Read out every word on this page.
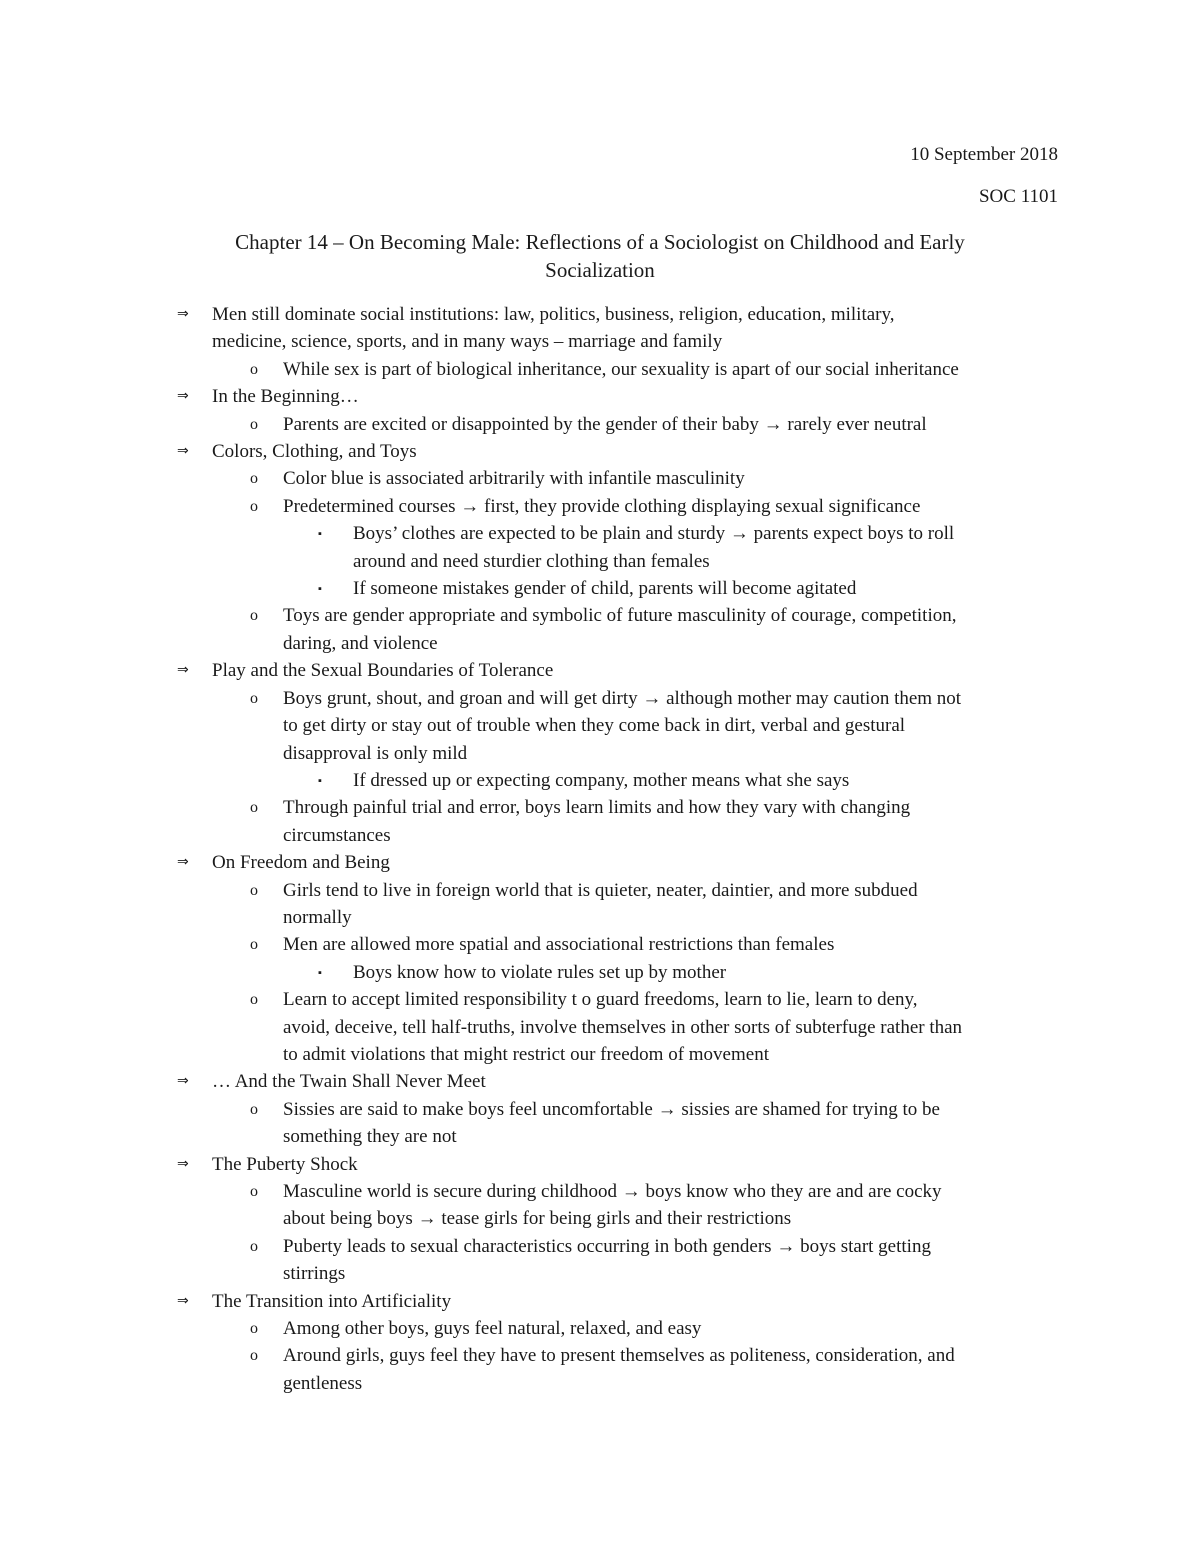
10 September 2018
SOC 1101
Chapter 14 – On Becoming Male: Reflections of a Sociologist on Childhood and Early
Socialization
⇒ Men still dominate social institutions: law, politics, business, religion, education, military,
medicine, science, sports, and in many ways – marriage and family
o While sex is part of biological inheritance, our sexuality is apart of our social inheritance
⇒ In the Beginning…
o Parents are excited or disappointed by the gender of their baby → rarely ever neutral
⇒ Colors, Clothing, and Toys
o Color blue is associated arbitrarily with infantile masculinity
o Predetermined courses → first, they provide clothing displaying sexual significance
▪ Boys’ clothes are expected to be plain and sturdy → parents expect boys to roll
around and need sturdier clothing than females
▪ If someone mistakes gender of child, parents will become agitated
o Toys are gender appropriate and symbolic of future masculinity of courage, competition,
daring, and violence
⇒ Play and the Sexual Boundaries of Tolerance
o Boys grunt, shout, and groan and will get dirty → although mother may caution them not
to get dirty or stay out of trouble when they come back in dirt, verbal and gestural
disapproval is only mild
▪ If dressed up or expecting company, mother means what she says
o Through painful trial and error, boys learn limits and how they vary with changing
circumstances
⇒ On Freedom and Being
o Girls tend to live in foreign world that is quieter, neater, daintier, and more subdued
normally
o Men are allowed more spatial and associational restrictions than females
▪ Boys know how to violate rules set up by mother
o Learn to accept limited responsibility t o guard freedoms, learn to lie, learn to deny,
avoid, deceive, tell half-truths, involve themselves in other sorts of subterfuge rather than
to admit violations that might restrict our freedom of movement
⇒ … And the Twain Shall Never Meet
o Sissies are said to make boys feel uncomfortable → sissies are shamed for trying to be
something they are not
⇒ The Puberty Shock
o Masculine world is secure during childhood → boys know who they are and are cocky
about being boys → tease girls for being girls and their restrictions
o Puberty leads to sexual characteristics occurring in both genders → boys start getting
stirrings
⇒ The Transition into Artificiality
o Among other boys, guys feel natural, relaxed, and easy
o Around girls, guys feel they have to present themselves as politeness, consideration, and
gentleness
